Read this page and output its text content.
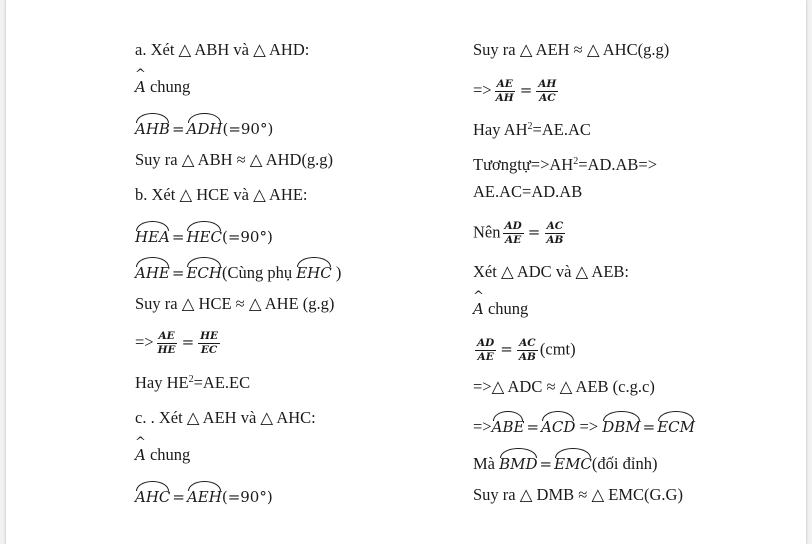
a. Xét △ ABH và △ AHD:
^ A chung
AHB = ADH(=90°)
Suy ra △ ABH ≈ △ AHD(g.g)
b. Xét △ HCE và △ AHE:
HEA = HEC(=90°)
AHE = ECH(Cùng phụ EHC )
Suy ra △ HCE ≈ △ AHE (g.g)
=> $\frac{AE}{HE} = \frac{HE}{EC}$
Hay $HE^2=AE.EC$
c. . Xét △ AEH và △ AHC:
^ A chung
AHC = AEH(=90°)
Suy ra △ AEH ≈ △ AHC(g.g)
=> $\frac{AE}{AH} = \frac{AH}{AC}$
Hay $AH^2=AE.AC$
$Tươngtự=>AH^2=AD.AB=>$
AE.AC=AD.AB
Nên $\frac{AD}{AE} = \frac{AC}{AB}$
Xét △ ADC và △ AEB:
^ A chung
$\frac{AD}{AE} = \frac{AC}{AB} (cmt)$
=>△ ADC ≈ △ AEB (c.g.c)
=>ABE = ACD => DBM = ECM
Mà BMD = EMC(đối đỉnh)
Suy ra △ DMB ≈ △ EMC(G.G)
